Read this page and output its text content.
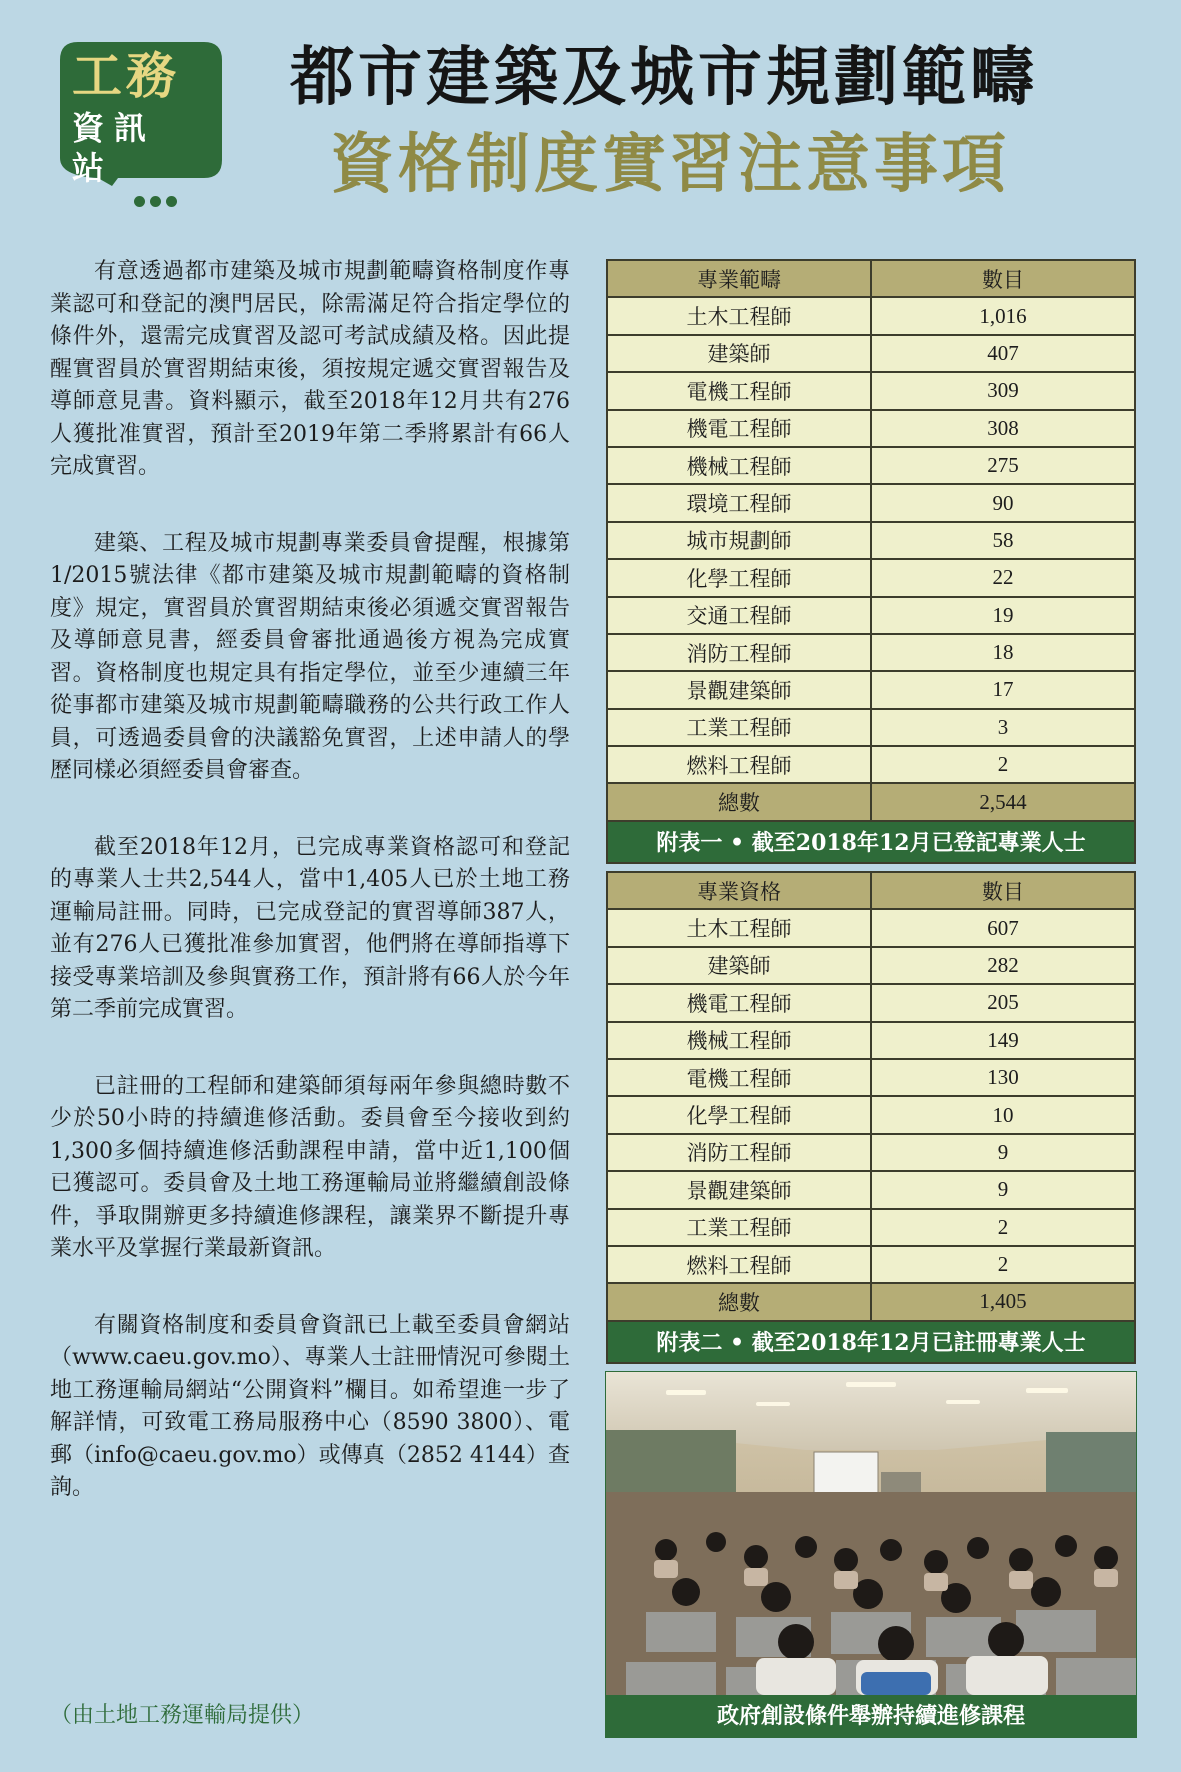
工務
資訊
站
都市建築及城市規劃範疇
資格制度實習注意事項

有意透過都市建築及城市規劃範疇資格制度作專業認可和登記的澳門居民，除需滿足符合指定學位的條件外，還需完成實習及認可考試成績及格。因此提醒實習員於實習期結束後，須按規定遞交實習報告及導師意見書。資料顯示，截至2018年12月共有276人獲批准實習，預計至2019年第二季將累計有66人完成實習。

建築、工程及城市規劃專業委員會提醒，根據第1/2015號法律《都市建築及城市規劃範疇的資格制度》規定，實習員於實習期結束後必須遞交實習報告及導師意見書，經委員會審批通過後方視為完成實習。資格制度也規定具有指定學位，並至少連續三年從事都市建築及城市規劃範疇職務的公共行政工作人員，可透過委員會的決議豁免實習，上述申請人的學歷同樣必須經委員會審查。

截至2018年12月，已完成專業資格認可和登記的專業人士共2,544人，當中1,405人已於土地工務運輸局註冊。同時，已完成登記的實習導師387人，並有276人已獲批准參加實習，他們將在導師指導下接受專業培訓及參與實務工作，預計將有66人於今年第二季前完成實習。

已註冊的工程師和建築師須每兩年參與總時數不少於50小時的持續進修活動。委員會至今接收到約1,300多個持續進修活動課程申請，當中近1,100個已獲認可。委員會及土地工務運輸局並將繼續創設條件，爭取開辦更多持續進修課程，讓業界不斷提升專業水平及掌握行業最新資訊。

有關資格制度和委員會資訊已上載至委員會網站（www.caeu.gov.mo）、專業人士註冊情況可參閱土地工務運輸局網站“公開資料”欄目。如希望進一步了解詳情，可致電工務局服務中心（8590 3800）、電郵（info@caeu.gov.mo）或傳真（2852 4144）查詢。

（由土地工務運輸局提供）
專業範疇	數目
土木工程師	1,016
建築師	407
電機工程師	309
機電工程師	308
機械工程師	275
環境工程師	90
城市規劃師	58
化學工程師	22
交通工程師	19
消防工程師	18
景觀建築師	17
工業工程師	3
燃料工程師	2
總數	2,544
附表一 • 截至2018年12月已登記專業人士	
專業資格	數目
土木工程師	607
建築師	282
機電工程師	205
機械工程師	149
電機工程師	130
化學工程師	10
消防工程師	9
景觀建築師	9
工業工程師	2
燃料工程師	2
總數	1,405
附表二 • 截至2018年12月已註冊專業人士	
政府創設條件舉辦持續進修課程
